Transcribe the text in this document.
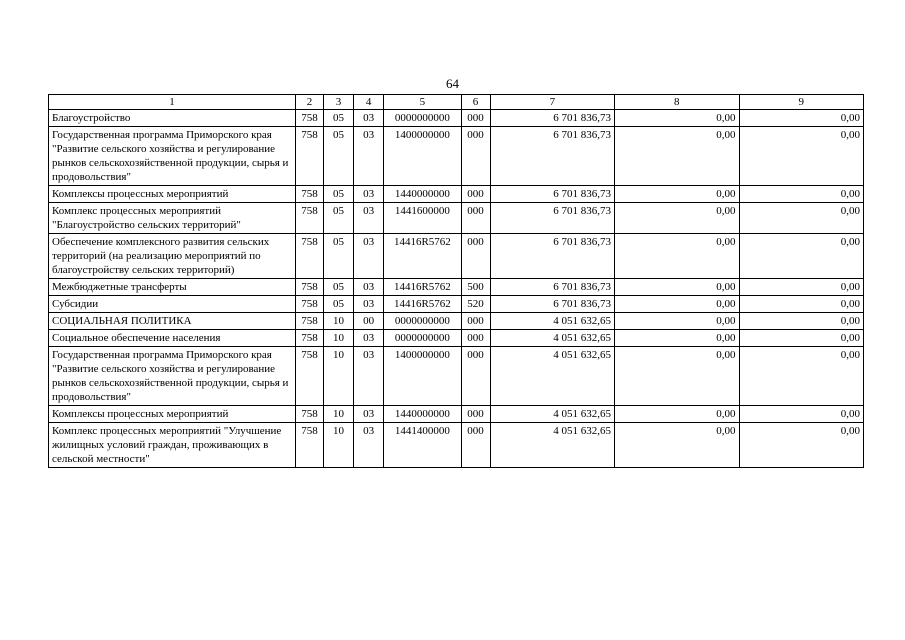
64
1	2	3	4	5	6	7	8	9
Благоустройство	758	05	03	0000000000	000	6 701 836,73	0,00	0,00
Государственная программа Приморского края "Развитие сельского хозяйства и регулирование рынков сельскохозяйственной продукции, сырья и продовольствия"	758	05	03	1400000000	000	6 701 836,73	0,00	0,00
Комплексы процессных мероприятий	758	05	03	1440000000	000	6 701 836,73	0,00	0,00
Комплекс процессных мероприятий "Благоустройство сельских территорий"	758	05	03	1441600000	000	6 701 836,73	0,00	0,00
Обеспечение комплексного развития сельских территорий (на реализацию мероприятий по благоустройству сельских территорий)	758	05	03	14416R5762	000	6 701 836,73	0,00	0,00
Межбюджетные трансферты	758	05	03	14416R5762	500	6 701 836,73	0,00	0,00
Субсидии	758	05	03	14416R5762	520	6 701 836,73	0,00	0,00
СОЦИАЛЬНАЯ ПОЛИТИКА	758	10	00	0000000000	000	4 051 632,65	0,00	0,00
Социальное обеспечение населения	758	10	03	0000000000	000	4 051 632,65	0,00	0,00
Государственная программа Приморского края "Развитие сельского хозяйства и регулирование рынков сельскохозяйственной продукции, сырья и продовольствия"	758	10	03	1400000000	000	4 051 632,65	0,00	0,00
Комплексы процессных мероприятий	758	10	03	1440000000	000	4 051 632,65	0,00	0,00
Комплекс процессных мероприятий "Улучшение жилищных условий граждан, проживающих в сельской местности"	758	10	03	1441400000	000	4 051 632,65	0,00	0,00
